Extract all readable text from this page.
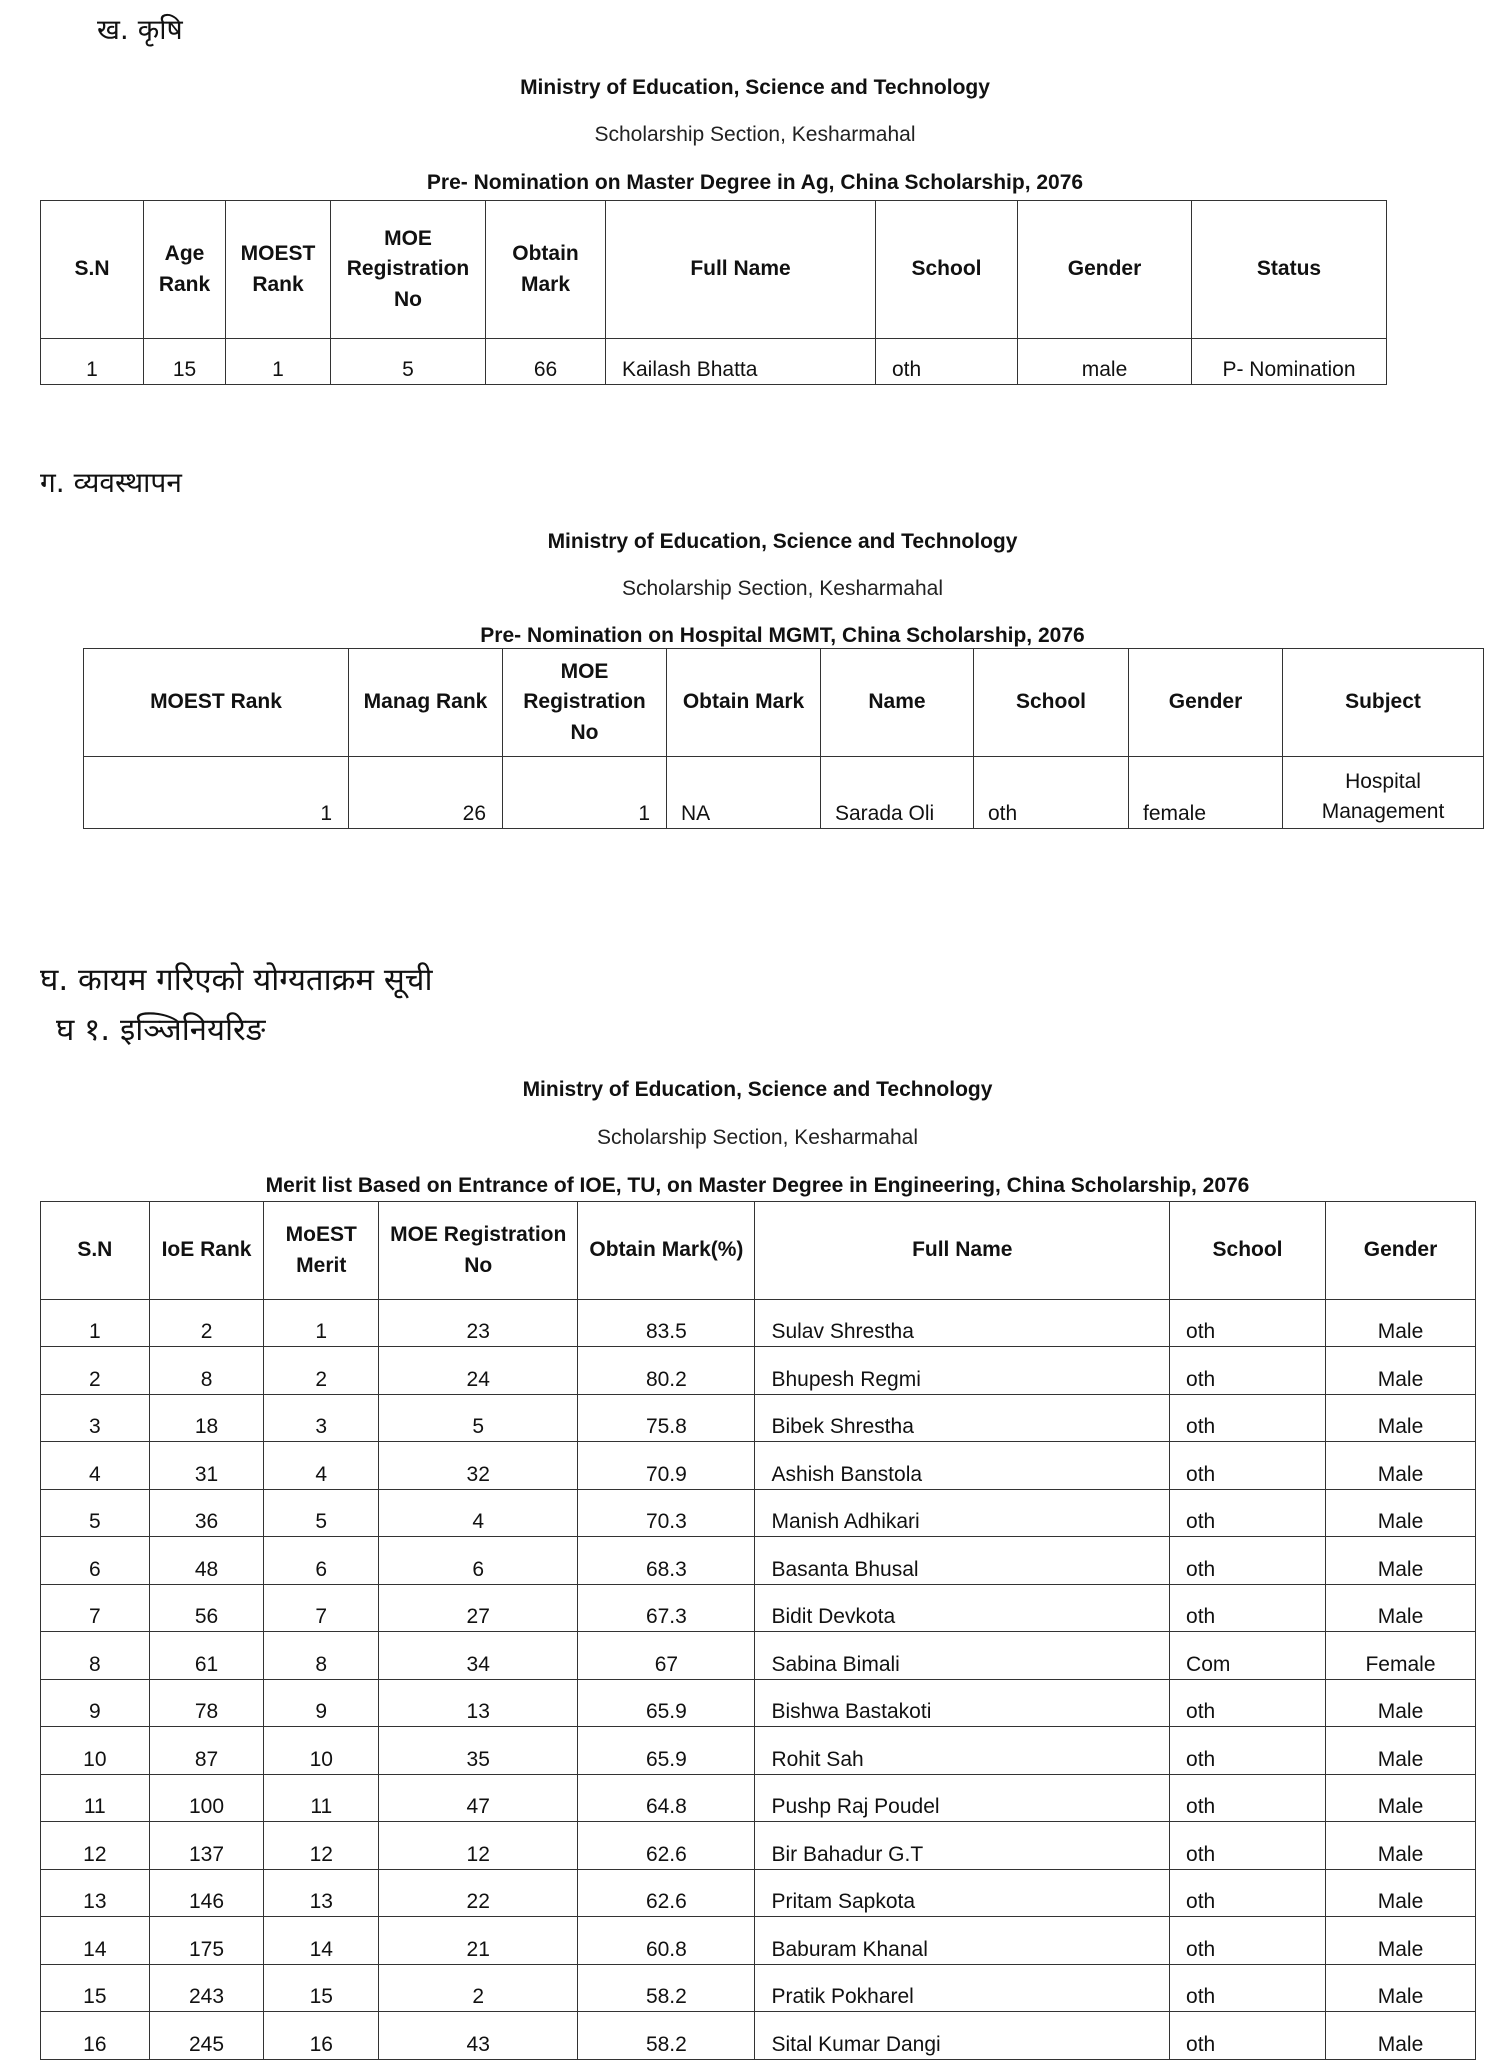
ख. कृषि
Ministry of Education, Science and Technology
Scholarship Section, Kesharmahal
Pre- Nomination on Master Degree in Ag, China Scholarship, 2076
S.N	Age Rank	MOEST Rank	MOE Registration No	Obtain Mark	Full Name	School	Gender	Status
1	15	1	5	66	Kailash Bhatta	oth	male	P- Nomination
ग. व्यवस्थापन
Ministry of Education, Science and Technology
Scholarship Section, Kesharmahal
Pre- Nomination on Hospital MGMT, China Scholarship, 2076
MOEST Rank	Manag Rank	MOE Registration No	Obtain Mark	Name	School	Gender	Subject
1	26	1	NA	Sarada Oli	oth	female	Hospital Management
घ. कायम गरिएको योग्यताक्रम सूची
घ १. इञ्जिनियरिङ
Ministry of Education, Science and Technology
Scholarship Section, Kesharmahal
Merit list Based on Entrance of IOE, TU, on Master Degree in Engineering, China Scholarship, 2076
S.N	IoE Rank	MoEST Merit	MOE Registration No	Obtain Mark(%)	Full Name	School	Gender
1	2	1	23	83.5	Sulav Shrestha	oth	Male
2	8	2	24	80.2	Bhupesh Regmi	oth	Male
3	18	3	5	75.8	Bibek Shrestha	oth	Male
4	31	4	32	70.9	Ashish Banstola	oth	Male
5	36	5	4	70.3	Manish Adhikari	oth	Male
6	48	6	6	68.3	Basanta Bhusal	oth	Male
7	56	7	27	67.3	Bidit Devkota	oth	Male
8	61	8	34	67	Sabina Bimali	Com	Female
9	78	9	13	65.9	Bishwa Bastakoti	oth	Male
10	87	10	35	65.9	Rohit Sah	oth	Male
11	100	11	47	64.8	Pushp Raj Poudel	oth	Male
12	137	12	12	62.6	Bir Bahadur G.T	oth	Male
13	146	13	22	62.6	Pritam Sapkota	oth	Male
14	175	14	21	60.8	Baburam Khanal	oth	Male
15	243	15	2	58.2	Pratik Pokharel	oth	Male
16	245	16	43	58.2	Sital Kumar Dangi	oth	Male
